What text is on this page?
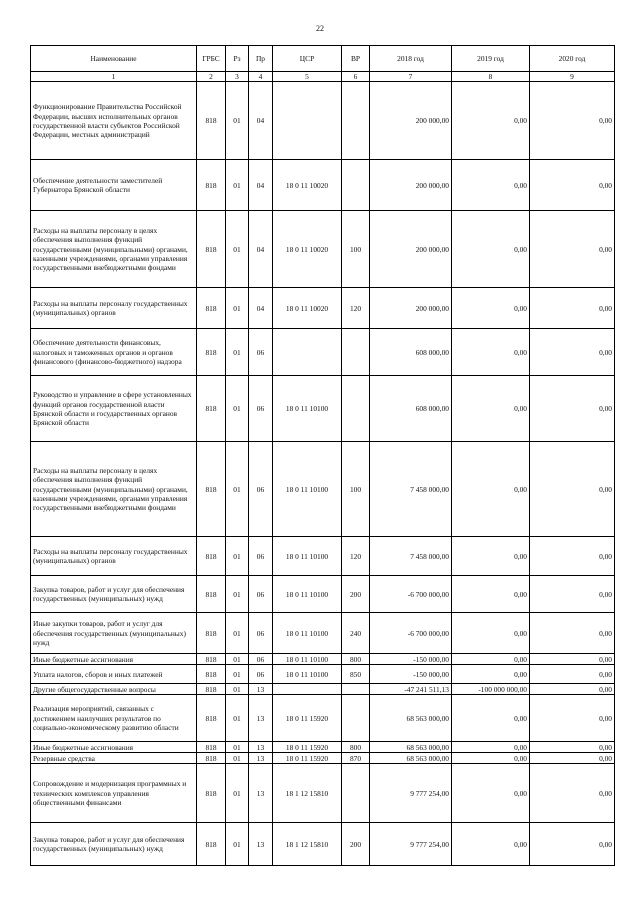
22
Наименование	ГРБС	Рз	Пр	ЦСР	ВР	2018 год	2019 год	2020 год
1	2	3	4	5	6	7	8	9
Функционирование Правительства Российской Федерации, высших исполнительных органов государственной власти субъектов Российской Федерации, местных администраций	818	01	04			200 000,00	0,00	0,00
Обеспечение деятельности заместителей Губернатора Брянской области	818	01	04	18 0 11 10020		200 000,00	0,00	0,00
Расходы на выплаты персоналу в целях обеспечения выполнения функций государственными (муниципальными) органами, казенными учреждениями, органами управления государственными внебюджетными фондами	818	01	04	18 0 11 10020	100	200 000,00	0,00	0,00
Расходы на выплаты персоналу государственных (муниципальных) органов	818	01	04	18 0 11 10020	120	200 000,00	0,00	0,00
Обеспечение деятельности финансовых, налоговых и таможенных органов и органов финансового (финансово-бюджетного) надзора	818	01	06			608 000,00	0,00	0,00
Руководство и управление в сфере установленных функций органов государственной власти Брянской области и государственных органов Брянской области	818	01	06	18 0 11 10100		608 000,00	0,00	0,00
Расходы на выплаты персоналу в целях обеспечения выполнения функций государственными (муниципальными) органами, казенными учреждениями, органами управления государственными внебюджетными фондами	818	01	06	18 0 11 10100	100	7 458 000,00	0,00	0,00
Расходы на выплаты персоналу государственных (муниципальных) органов	818	01	06	18 0 11 10100	120	7 458 000,00	0,00	0,00
Закупка товаров, работ и услуг для обеспечения государственных (муниципальных) нужд	818	01	06	18 0 11 10100	200	-6 700 000,00	0,00	0,00
Иные закупки товаров, работ и услуг для обеспечения государственных (муниципальных) нужд	818	01	06	18 0 11 10100	240	-6 700 000,00	0,00	0,00
Иные бюджетные ассигнования	818	01	06	18 0 11 10100	800	-150 000,00	0,00	0,00
Уплата налогов, сборов и иных платежей	818	01	06	18 0 11 10100	850	-150 000,00	0,00	0,00
Другие общегосударственные вопросы	818	01	13			-47 241 511,13	-100 000 000,00	0,00
Реализация мероприятий, связанных с достижением наилучших результатов по социально-экономическому развитию области	818	01	13	18 0 11 15920		68 563 000,00	0,00	0,00
Иные бюджетные ассигнования	818	01	13	18 0 11 15920	800	68 563 000,00	0,00	0,00
Резервные средства	818	01	13	18 0 11 15920	870	68 563 000,00	0,00	0,00
Сопровождение и модернизация программных и технических комплексов управления общественными финансами	818	01	13	18 1 12 15810		9 777 254,00	0,00	0,00
Закупка товаров, работ и услуг для обеспечения государственных (муниципальных) нужд	818	01	13	18 1 12 15810	200	9 777 254,00	0,00	0,00
